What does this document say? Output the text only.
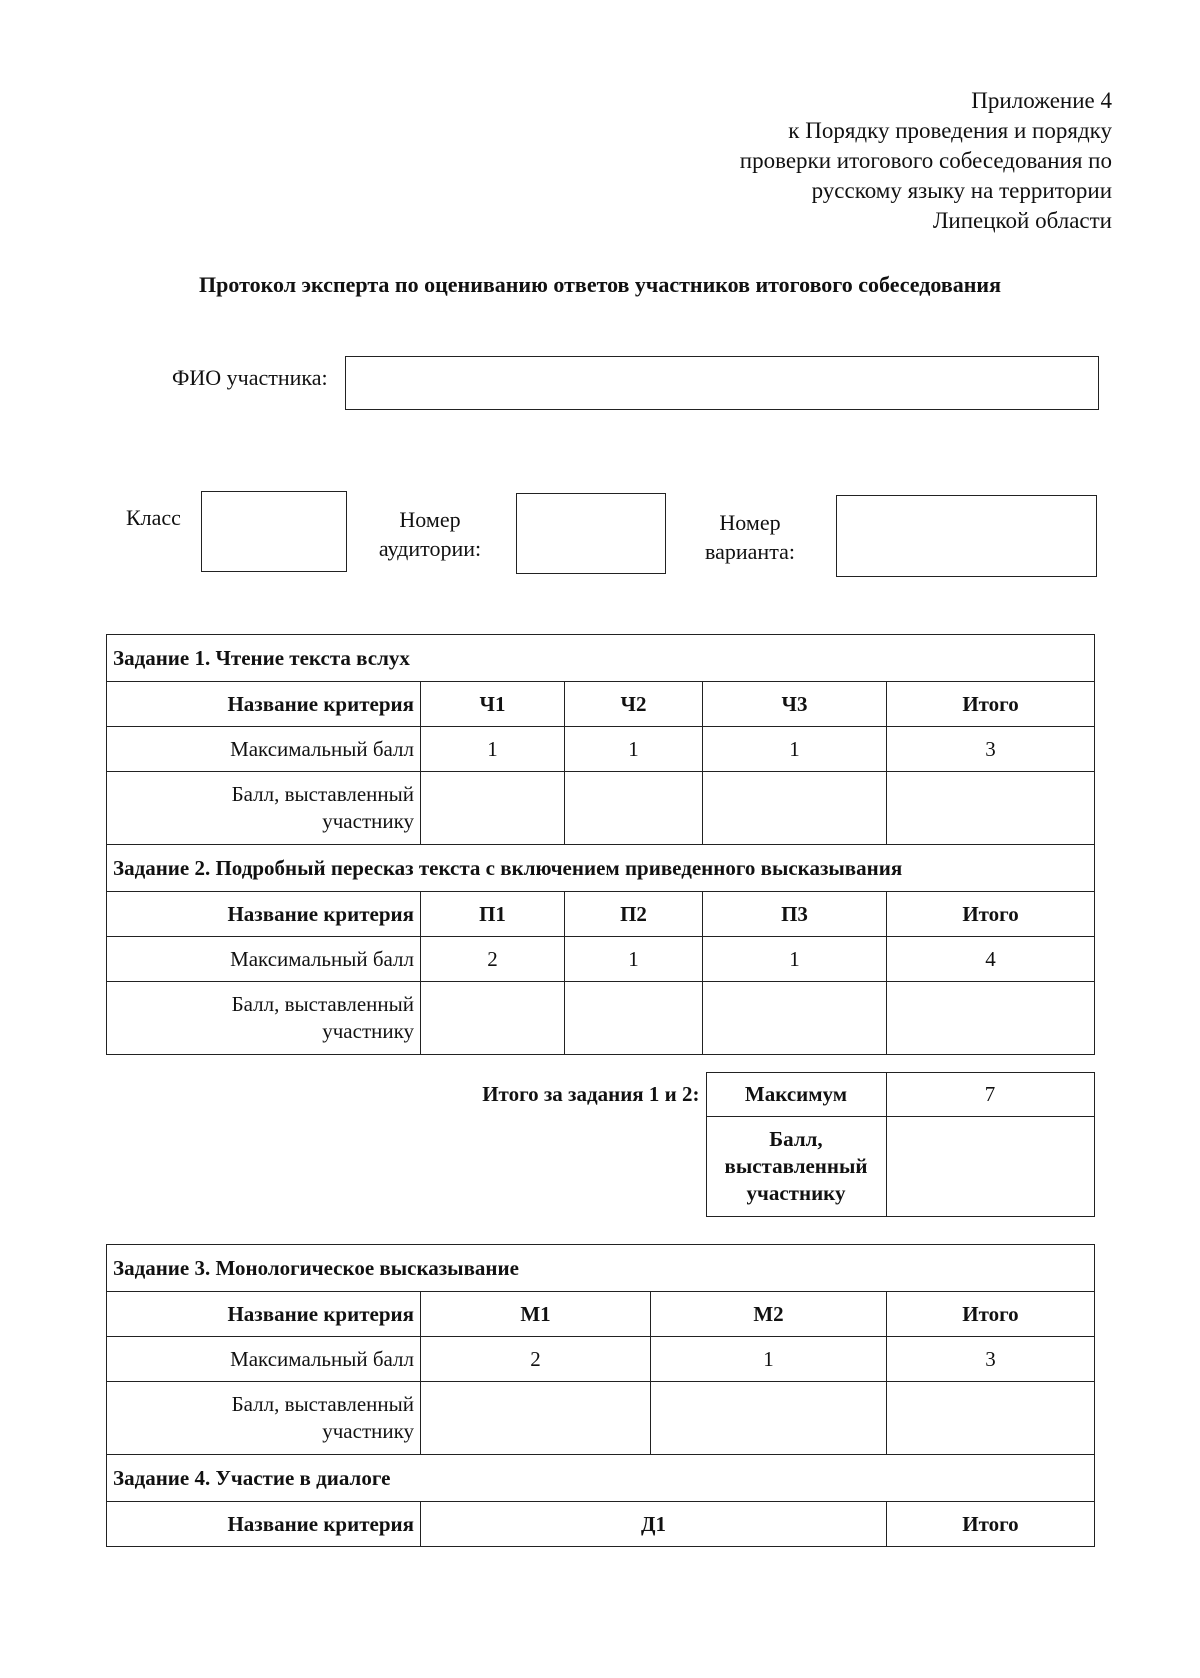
Приложение 4
к Порядку проведения и порядку
проверки итогового собеседования по
русскому языку на территории
Липецкой области
Протокол эксперта по оцениванию ответов участников итогового собеседования
ФИО участника:
Класс	Номер
аудитории:
Номер
варианта:
Задание 1. Чтение текста вслух				
Название критерия	Ч1	Ч2	Ч3	Итого
Максимальный балл	1	1	1	3

Балл, выставленный
участнику				

Задание 2. Подробный пересказ текста с включением приведенного высказывания				
Название критерия	П1	П2	П3	Итого
Максимальный балл	2	1	1	4

Балл, выставленный
участнику				

Итого за задания 1 и 2:	Максимум	7

	Балл,
выставленный
участнику	

Задание 3. Монологическое высказывание			
Название критерия	М1	М2	Итого
Максимальный балл	2	1	3

Балл, выставленный
участнику			

Задание 4. Участие в диалоге			
Название критерия	Д1		Итого
